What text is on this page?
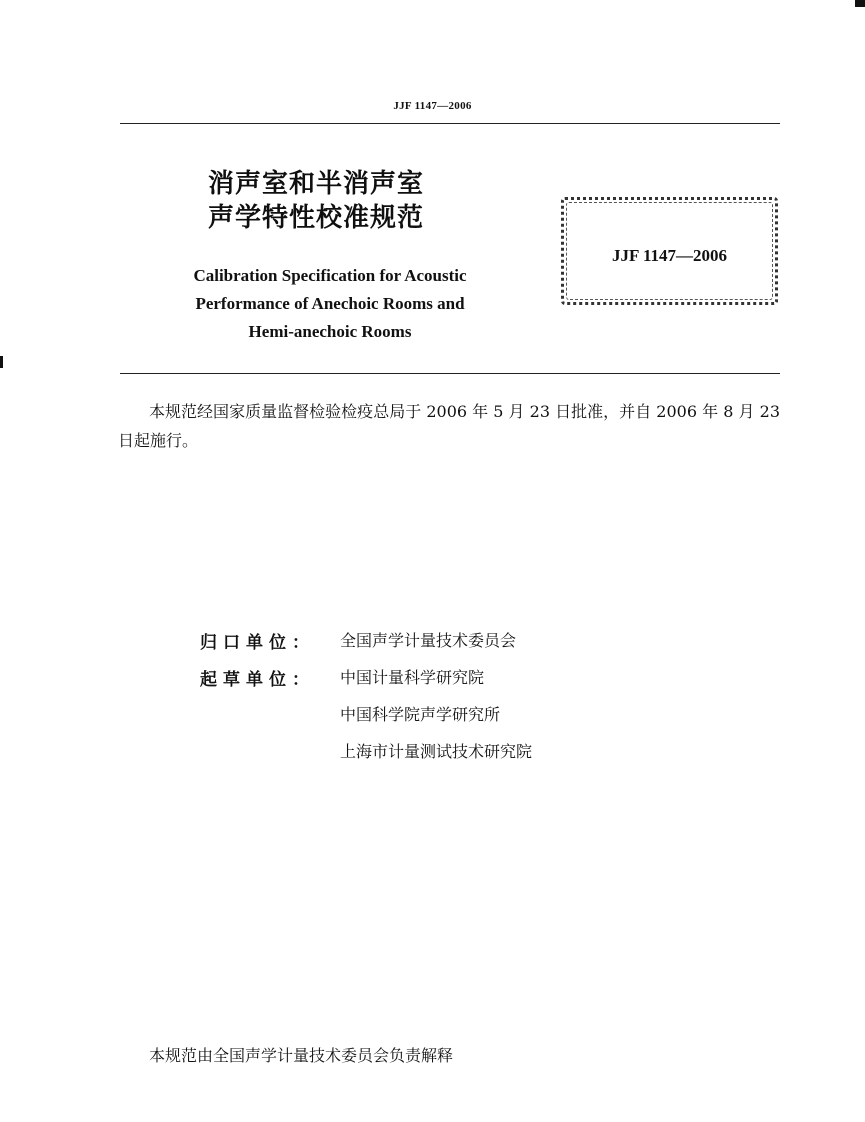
JJF 1147—2006
消声室和半消声室
声学特性校准规范
Calibration Specification for Acoustic
Performance of Anechoic Rooms and
Hemi-anechoic Rooms
JJF 1147—2006
本规范经国家质量监督检验检疫总局于 2006 年 5 月 23 日批准，并自 2006 年 8 月 23 日起施行。
归口单位：	全国声学计量技术委员会
起草单位：	中国计量科学研究院
中国科学院声学研究所
上海市计量测试技术研究院
本规范由全国声学计量技术委员会负责解释
